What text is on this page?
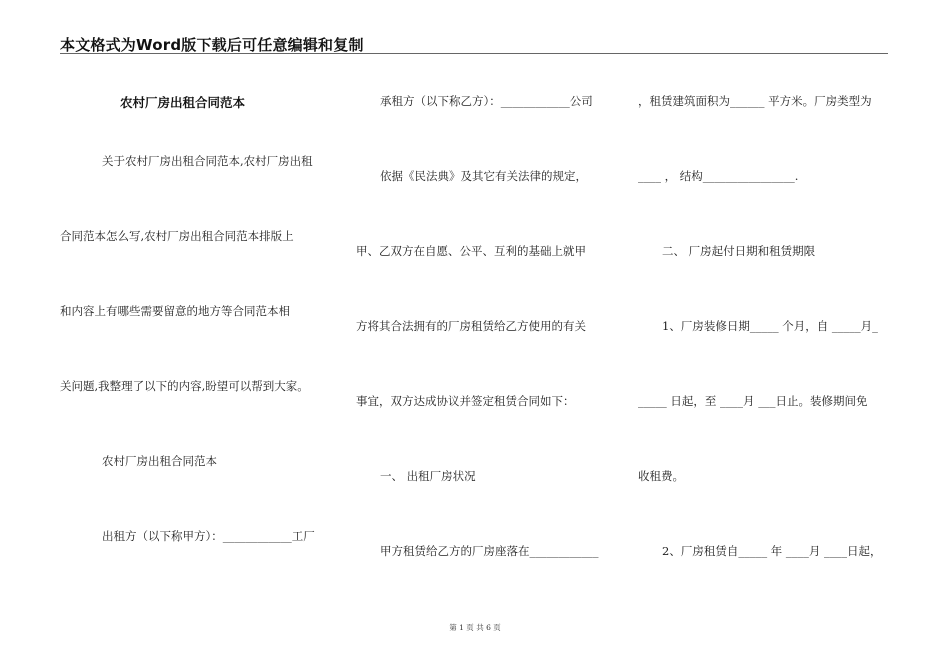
本文格式为Word版下载后可任意编辑和复制
农村厂房出租合同范本
关于农村厂房出租合同范本,农村厂房出租
合同范本怎么写,农村厂房出租合同范本排版上
和内容上有哪些需要留意的地方等合同范本相
关问题,我整理了以下的内容,盼望可以帮到大家。
农村厂房出租合同范本
出租方（以下称甲方）：____________工厂
承租方（以下称乙方）：____________公司
依据《民法典》及其它有关法律的规定，
甲、乙双方在自愿、公平、互利的基础上就甲
方将其合法拥有的厂房租赁给乙方使用的有关
事宜，双方达成协议并签定租赁合同如下：
一、 出租厂房状况
甲方租赁给乙方的厂房座落在____________
，租赁建筑面积为______ 平方米。厂房类型为
____ ， 结构________________.
二、 厂房起付日期和租赁期限
1、厂房装修日期_____ 个月，自 _____月_
_____ 日起，至 ____月 ___日止。装修期间免
收租费。
2、厂房租赁自_____ 年 ____月 ____日起，
第 1 页 共 6 页
